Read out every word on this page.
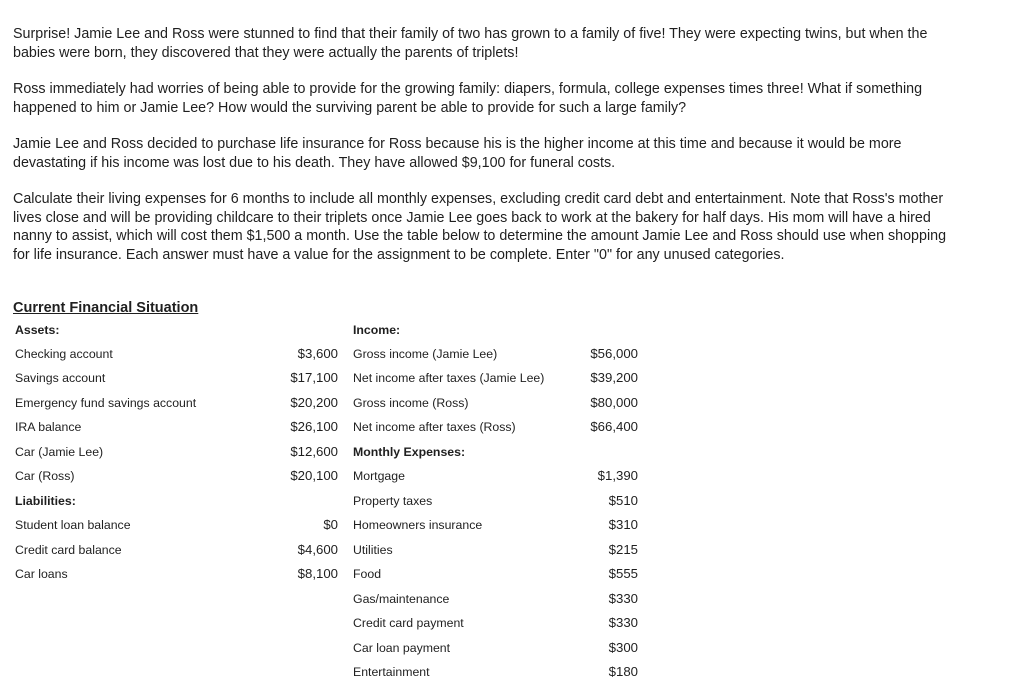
Surprise! Jamie Lee and Ross were stunned to find that their family of two has grown to a family of five! They were expecting twins, but when the babies were born, they discovered that they were actually the parents of triplets!

Ross immediately had worries of being able to provide for the growing family: diapers, formula, college expenses times three! What if something happened to him or Jamie Lee? How would the surviving parent be able to provide for such a large family?

Jamie Lee and Ross decided to purchase life insurance for Ross because his is the higher income at this time and because it would be more devastating if his income was lost due to his death. They have allowed $9,100 for funeral costs.

Calculate their living expenses for 6 months to include all monthly expenses, excluding credit card debt and entertainment. Note that Ross's mother lives close and will be providing childcare to their triplets once Jamie Lee goes back to work at the bakery for half days. His mom will have a hired nanny to assist, which will cost them $1,500 a month. Use the table below to determine the amount Jamie Lee and Ross should use when shopping for life insurance. Each answer must have a value for the assignment to be complete. Enter "0" for any unused categories.

Current Financial Situation
Assets:
Checking account	$3,600
Savings account	$17,100
Emergency fund savings account	$20,200
IRA balance	$26,100
Car (Jamie Lee)	$12,600
Car (Ross)	$20,100
Liabilities:
Student loan balance	$0
Credit card balance	$4,600
Car loans	$8,100
Income:
Gross income (Jamie Lee)	$56,000
Net income after taxes (Jamie Lee)	$39,200
Gross income (Ross)	$80,000
Net income after taxes (Ross)	$66,400
Monthly Expenses:
Mortgage	$1,390
Property taxes	$510
Homeowners insurance	$310
Utilities	$215
Food	$555
Gas/maintenance	$330
Credit card payment	$330
Car loan payment	$300
Entertainment	$180
